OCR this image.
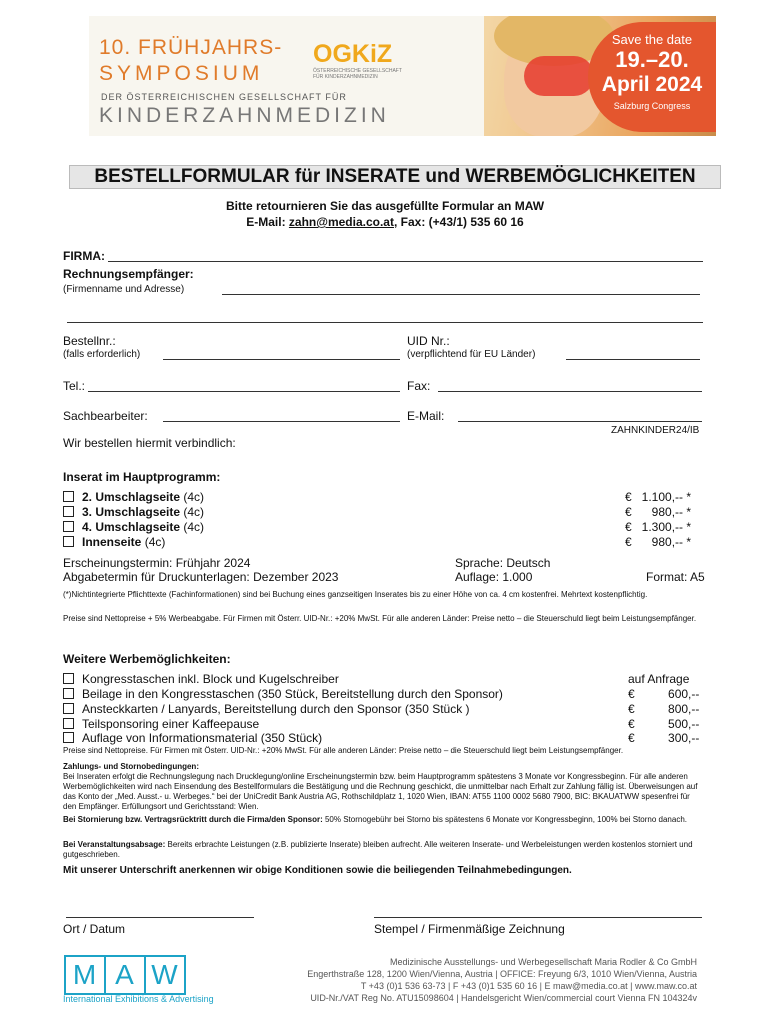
10. FRÜHJAHRS-
SYMPOSIUM
DER ÖSTERREICHISCHEN GESELLSCHAFT FÜR
KINDERZAHNMEDIZIN
OGKiZ
ÖSTERREICHISCHE GESELLSCHAFT FÜR KINDERZAHNMEDIZIN
Save the date
19.–20.
April 2024
Salzburg Congress
BESTELLFORMULAR für INSERATE und WERBEMÖGLICHKEITEN
Bitte retournieren Sie das ausgefüllte Formular an MAW
E-Mail: zahn@media.co.at, Fax: (+43/1) 535 60 16
FIRMA:
Rechnungsempfänger:
(Firmenname und Adresse)
Bestellnr.:
(falls erforderlich)
UID Nr.:
(verpflichtend für EU Länder)
Tel.:	Fax:
Sachbearbeiter:	E-Mail:
ZAHNKINDER24/IB
Wir bestellen hiermit verbindlich:
Inserat im Hauptprogramm:
2. Umschlagseite (4c)	€   1.100,-- *
3. Umschlagseite (4c)	€      980,-- *
4. Umschlagseite (4c)	€   1.300,-- *
Innenseite (4c)	€      980,-- *
Erscheinungstermin: Frühjahr 2024
Abgabetermin für Druckunterlagen: Dezember 2023
Sprache: Deutsch
Auflage: 1.000	Format: A5
(*)Nichtintegrierte Pflichttexte (Fachinformationen) sind bei Buchung eines ganzseitigen Inserates bis zu einer Höhe von ca. 4 cm kostenfrei. Mehrtext kostenpflichtig.
Preise sind Nettopreise + 5% Werbeabgabe. Für Firmen mit Österr. UID-Nr.: +20% MwSt. Für alle anderen Länder: Preise netto – die Steuerschuld liegt beim Leistungsempfänger.
Weitere Werbemöglichkeiten:
Kongresstaschen inkl. Block und Kugelschreiber	auf Anfrage
Beilage in den Kongresstaschen (350 Stück, Bereitstellung durch den Sponsor)	€          600,--
Ansteckkarten / Lanyards, Bereitstellung durch den Sponsor (350 Stück )	€          800,--
Teilsponsoring einer Kaffeepause	€          500,--
Auflage von Informationsmaterial (350 Stück)	€          300,--
Preise sind Nettopreise. Für Firmen mit Österr. UID-Nr.: +20% MwSt. Für alle anderen Länder: Preise netto – die Steuerschuld liegt beim Leistungsempfänger.
Zahlungs- und Stornobedingungen:
Bei Inseraten erfolgt die Rechnungslegung nach Drucklegung/online Erscheinungstermin bzw. beim Hauptprogramm spätestens 3 Monate vor Kongressbeginn. Für alle anderen Werbemöglichkeiten wird nach Einsendung des Bestellformulars die Bestätigung und die Rechnung geschickt, die unmittelbar nach Erhalt zur Zahlung fällig ist. Überweisungen auf das Konto der „Med. Ausst.- u. Werbeges.“ bei der UniCredit Bank Austria AG, Rothschildplatz 1, 1020 Wien, IBAN: AT55 1100 0002 5680 7900, BIC: BKAUATWW spesenfrei für den Empfänger. Erfüllungsort und Gerichtsstand: Wien.
Bei Stornierung bzw. Vertragsrücktritt durch die Firma/den Sponsor: 50% Stornogebühr bei Storno bis spätestens 6 Monate vor Kongressbeginn, 100% bei Storno danach.
Bei Veranstaltungsabsage: Bereits erbrachte Leistungen (z.B. publizierte Inserate) bleiben aufrecht. Alle weiteren Inserate- und Werbeleistungen werden kostenlos storniert und gutgeschrieben.
Mit unserer Unterschrift anerkennen wir obige Konditionen sowie die beiliegenden Teilnahmebedingungen.
Ort / Datum	Stempel / Firmenmäßige Zeichnung
M A W
International Exhibitions & Advertising
Medizinische Ausstellungs- und Werbegesellschaft Maria Rodler & Co GmbH
Engerthstraße 128, 1200 Wien/Vienna, Austria | OFFICE: Freyung 6/3, 1010 Wien/Vienna, Austria
T +43 (0)1 536 63-73 | F +43 (0)1 535 60 16 | E maw@media.co.at | www.maw.co.at
UID-Nr./VAT Reg No. ATU15098604 | Handelsgericht Wien/commercial court Vienna FN 104324v
